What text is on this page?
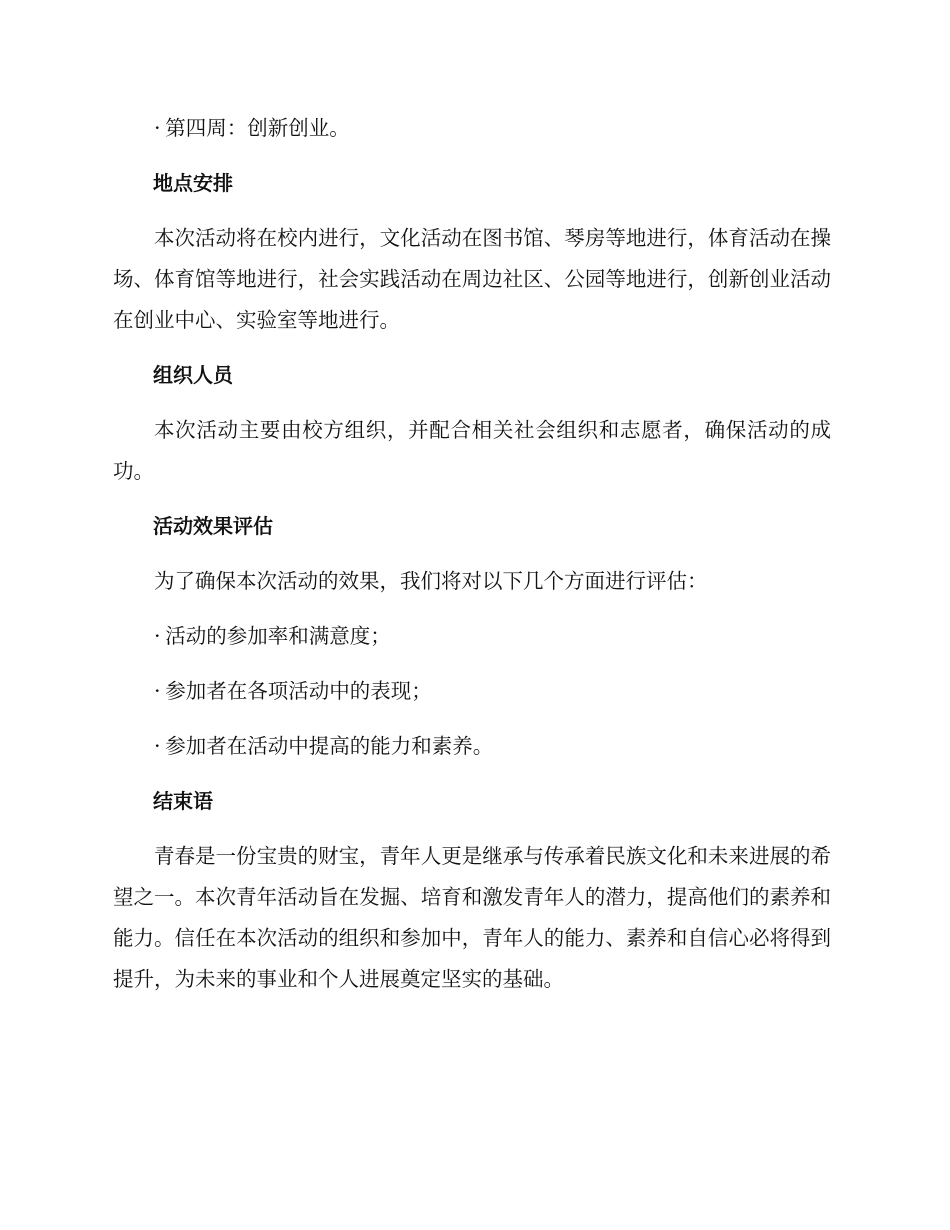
· 第四周：创新创业。

地点安排

本次活动将在校内进行，文化活动在图书馆、琴房等地进行，体育活动在操场、体育馆等地进行，社会实践活动在周边社区、公园等地进行，创新创业活动在创业中心、实验室等地进行。

组织人员

本次活动主要由校方组织，并配合相关社会组织和志愿者，确保活动的成功。

活动效果评估

为了确保本次活动的效果，我们将对以下几个方面进行评估：

· 活动的参加率和满意度；

· 参加者在各项活动中的表现；

· 参加者在活动中提高的能力和素养。

结束语

青春是一份宝贵的财宝，青年人更是继承与传承着民族文化和未来进展的希望之一。本次青年活动旨在发掘、培育和激发青年人的潜力，提高他们的素养和能力。信任在本次活动的组织和参加中，青年人的能力、素养和自信心必将得到提升，为未来的事业和个人进展奠定坚实的基础。
